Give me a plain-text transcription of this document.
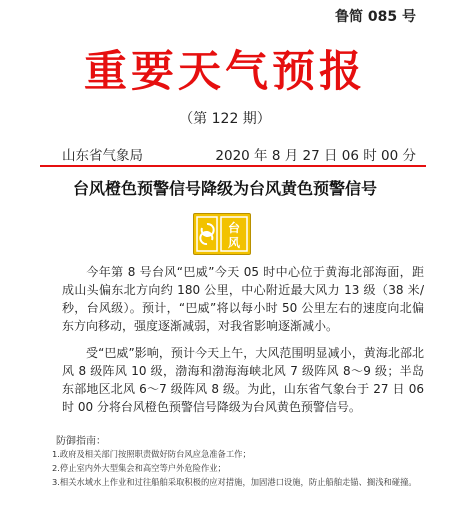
鲁简 085 号
重要天气预报
（第 122 期）
山东省气象局	2020 年 8 月 27 日 06 时 00 分
台风橙色预警信号降级为台风黄色预警信号
台
风

今年第 8 号台风“巴威”今天 05 时中心位于黄海北部海面，距成山头偏东北方向约 180 公里，中心附近最大风力 13 级（38 米/秒，台风级）。预计，“巴威”将以每小时 50 公里左右的速度向北偏东方向移动，强度逐渐减弱，对我省影响逐渐减小。

受“巴威”影响，预计今天上午，大风范围明显减小，黄海北部北风 8 级阵风 10 级，渤海和渤海海峡北风 7 级阵风 8～9 级；半岛东部地区北风 6～7 级阵风 8 级。为此，山东省气象台于 27 日 06 时 00 分将台风橙色预警信号降级为台风黄色预警信号。

防御指南：

1.政府及相关部门按照职责做好防台风应急准备工作；

2.停止室内外大型集会和高空等户外危险作业；

3.相关水域水上作业和过往船舶采取积极的应对措施，加固港口设施，防止船舶走锚、搁浅和碰撞。
